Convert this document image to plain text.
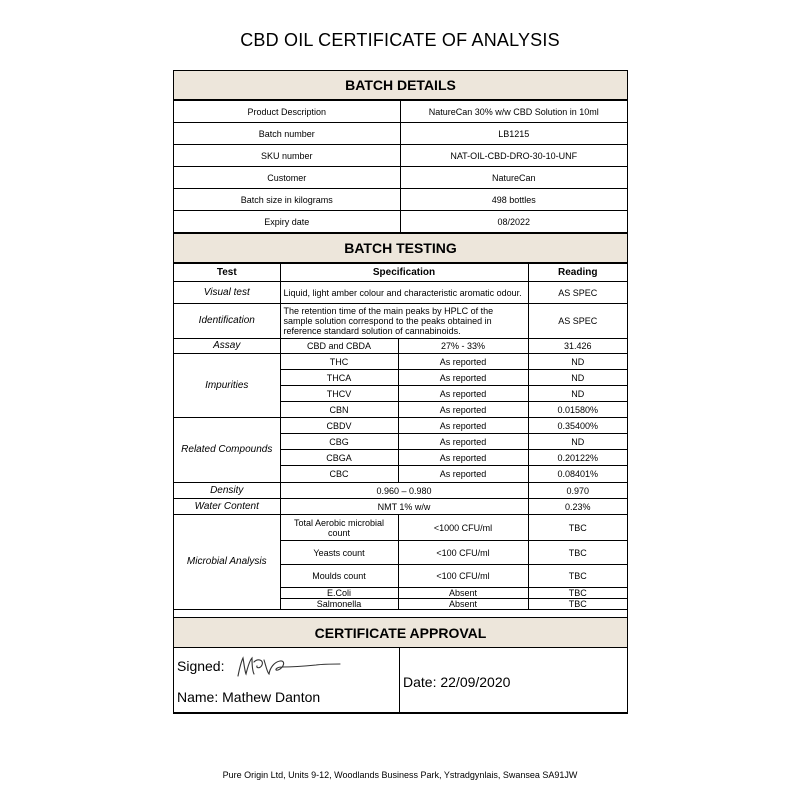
CBD OIL CERTIFICATE OF ANALYSIS
BATCH DETAILS
Product Description	NatureCan 30% w/w CBD Solution in 10ml
Batch number	LB1215
SKU number	NAT-OIL-CBD-DRO-30-10-UNF
Customer	NatureCan
Batch size in kilograms	498 bottles
Expiry date	08/2022
BATCH TESTING
Test	Specification		Reading
Visual test	Liquid, light amber colour and characteristic aromatic odour.		AS SPEC
Identification	The retention time of the main peaks by HPLC of the sample solution correspond to the peaks obtained in reference standard solution of cannabinoids.		AS SPEC
Assay	CBD and CBDA	27% - 33%	31.426
Impurities	THC	As reported	ND
	THCA	As reported	ND
	THCV	As reported	ND
	CBN	As reported	0.01580%
Related Compounds	CBDV	As reported	0.35400%
	CBG	As reported	ND
	CBGA	As reported	0.20122%
	CBC	As reported	0.08401%
Density	0.960 – 0.980		0.970
Water Content	NMT 1% w/w		0.23%
Microbial Analysis	Total Aerobic microbial count	<1000 CFU/ml	TBC
	Yeasts count	<100 CFU/ml	TBC
	Moulds count	<100 CFU/ml	TBC
	E.Coli	Absent	TBC
	Salmonella	Absent	TBC
CERTIFICATE APPROVAL
Signed:
Name: Mathew Danton
Date: 22/09/2020
Pure Origin Ltd, Units 9-12, Woodlands Business Park, Ystradgynlais, Swansea SA91JW
